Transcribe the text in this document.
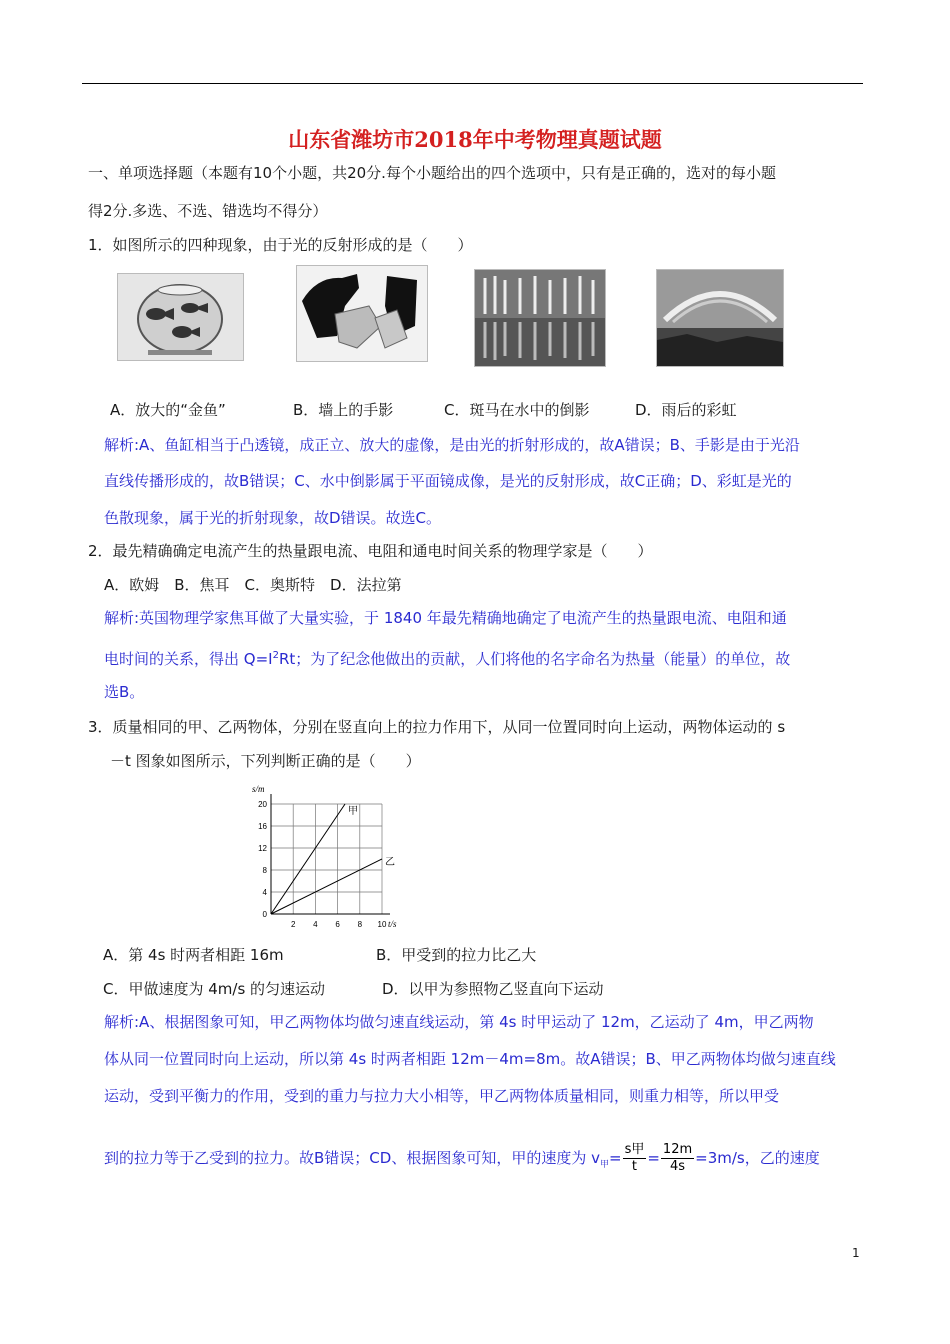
山东省潍坊市2018年中考物理真题试题
一、单项选择题（本题有10个小题，共20分.每个小题给出的四个选项中，只有是正确的，选对的每小题
得2分.多选、不选、错选均不得分）
1．如图所示的四种现象，由于光的反射形成的是（　　）
A．放大的“金鱼”	B．墙上的手影	C．斑马在水中的倒影	D．雨后的彩虹
解析:A、鱼缸相当于凸透镜，成正立、放大的虚像，是由光的折射形成的，故A错误；B、手影是由于光沿
直线传播形成的，故B错误；C、水中倒影属于平面镜成像，是光的反射形成，故C正确；D、彩虹是光的
色散现象，属于光的折射现象，故D错误。故选C。
2．最先精确确定电流产生的热量跟电流、电阻和通电时间关系的物理学家是（　　）
A．欧姆　B．焦耳　C．奥斯特　D．法拉第
解析:英国物理学家焦耳做了大量实验，于 1840 年最先精确地确定了电流产生的热量跟电流、电阻和通
电时间的关系，得出 $Q=I^2Rt$；为了纪念他做出的贡献，人们将他的名字命名为热量（能量）的单位，故
选B。
3．质量相同的甲、乙两物体，分别在竖直向上的拉力作用下，从同一位置同时向上运动，两物体运动的 s
－t 图象如图所示，下列判断正确的是（　　）
s/m
t/s
2 4 6 8 10
0
4
8
12
16
20
甲
乙
A．第 4s 时两者相距 16m	B．甲受到的拉力比乙大
C．甲做速度为 4m/s 的匀速运动	D．以甲为参照物乙竖直向下运动
解析:A、根据图象可知，甲乙两物体均做匀速直线运动，第 4s 时甲运动了 12m，乙运动了 4m，甲乙两物
体从同一位置同时向上运动，所以第 4s 时两者相距 12m－4m=8m。故A错误；B、甲乙两物体均做匀速直线
运动，受到平衡力的作用，受到的重力与拉力大小相等，甲乙两物体质量相同，则重力相等，所以甲受
到的拉力等于乙受到的拉力。故B错误；CD、根据图象可知，甲的速度为 $v_甲= \frac{\text{s甲}}{t} = \frac{12m}{4s} =3m/s$，乙的速度
1
